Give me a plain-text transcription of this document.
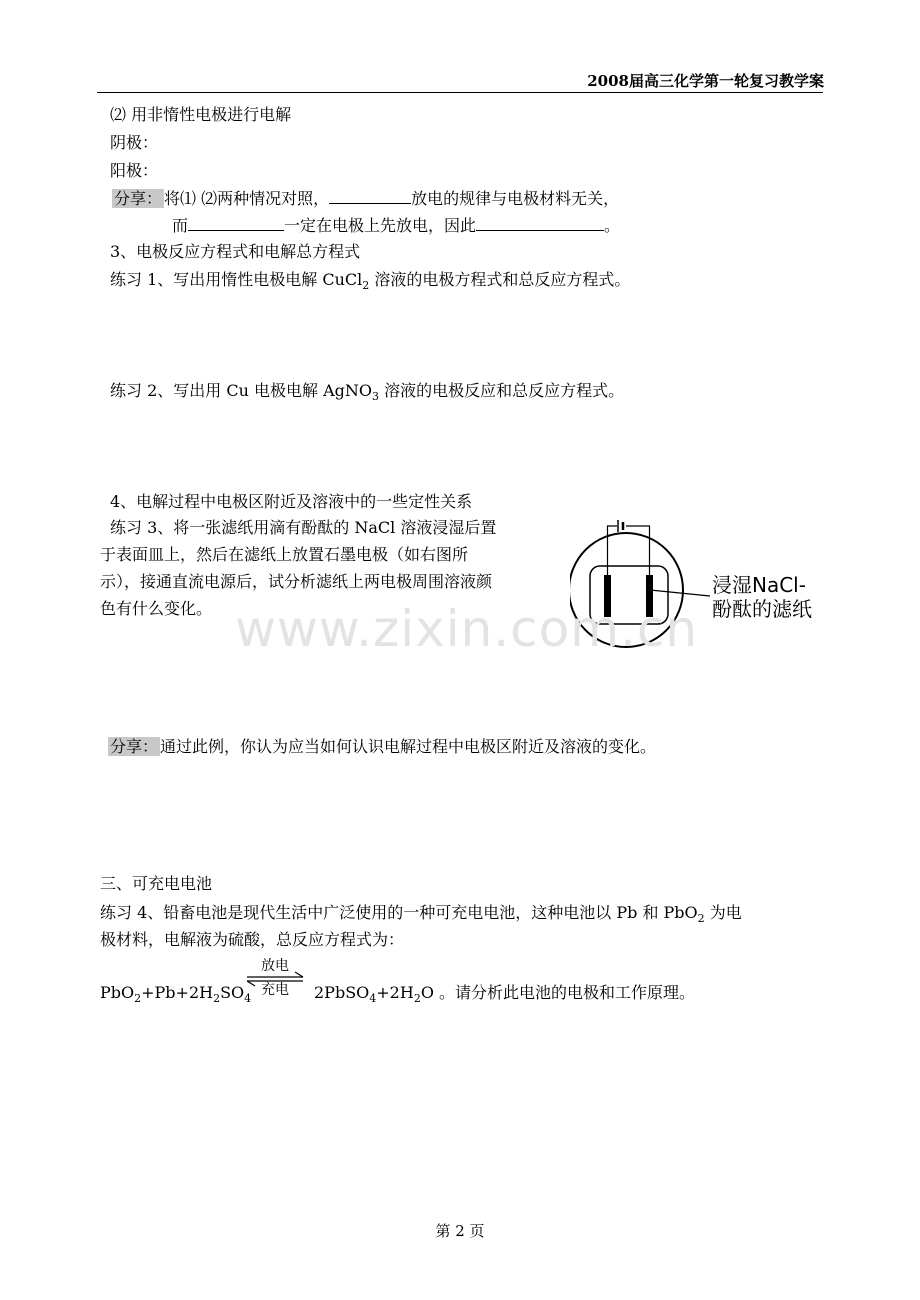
2008届高三化学第一轮复习教学案
⑵ 用非惰性电极进行电解
阴极：
阳极：
分享： 将⑴ ⑵两种情况对照，	放电的规律与电极材料无关，
而	一定在电极上先放电，因此	。
3、电极反应方程式和电解总方程式
练习 1、写出用惰性电极电解 CuCl$_2$ 溶液的电极方程式和总反应方程式。
练习 2、写出用 Cu 电极电解 AgNO$_3$ 溶液的电极反应和总反应方程式。
4、电解过程中电极区附近及溶液中的一些定性关系
练习 3、将一张滤纸用滴有酚酞的 NaCl 溶液浸湿后置
于表面皿上，然后在滤纸上放置石墨电极（如右图所
示），接通直流电源后，试分析滤纸上两电极周围溶液颜
色有什么变化。
浸湿NaCl-
酚酞的滤纸
www.zixin.com.cn
分享： 通过此例，你认为应当如何认识电解过程中电极区附近及溶液的变化。
三、可充电电池
练习 4、铅畜电池是现代生活中广泛使用的一种可充电电池，这种电池以 Pb 和 PbO$_2$ 为电
极材料，电解液为硫酸，总反应方程式为：
$PbO_2+Pb+2H_2SO_4$
放电
充电	$2PbSO_4+2H_2O$ 。请分析此电池的电极和工作原理。
第 2 页
